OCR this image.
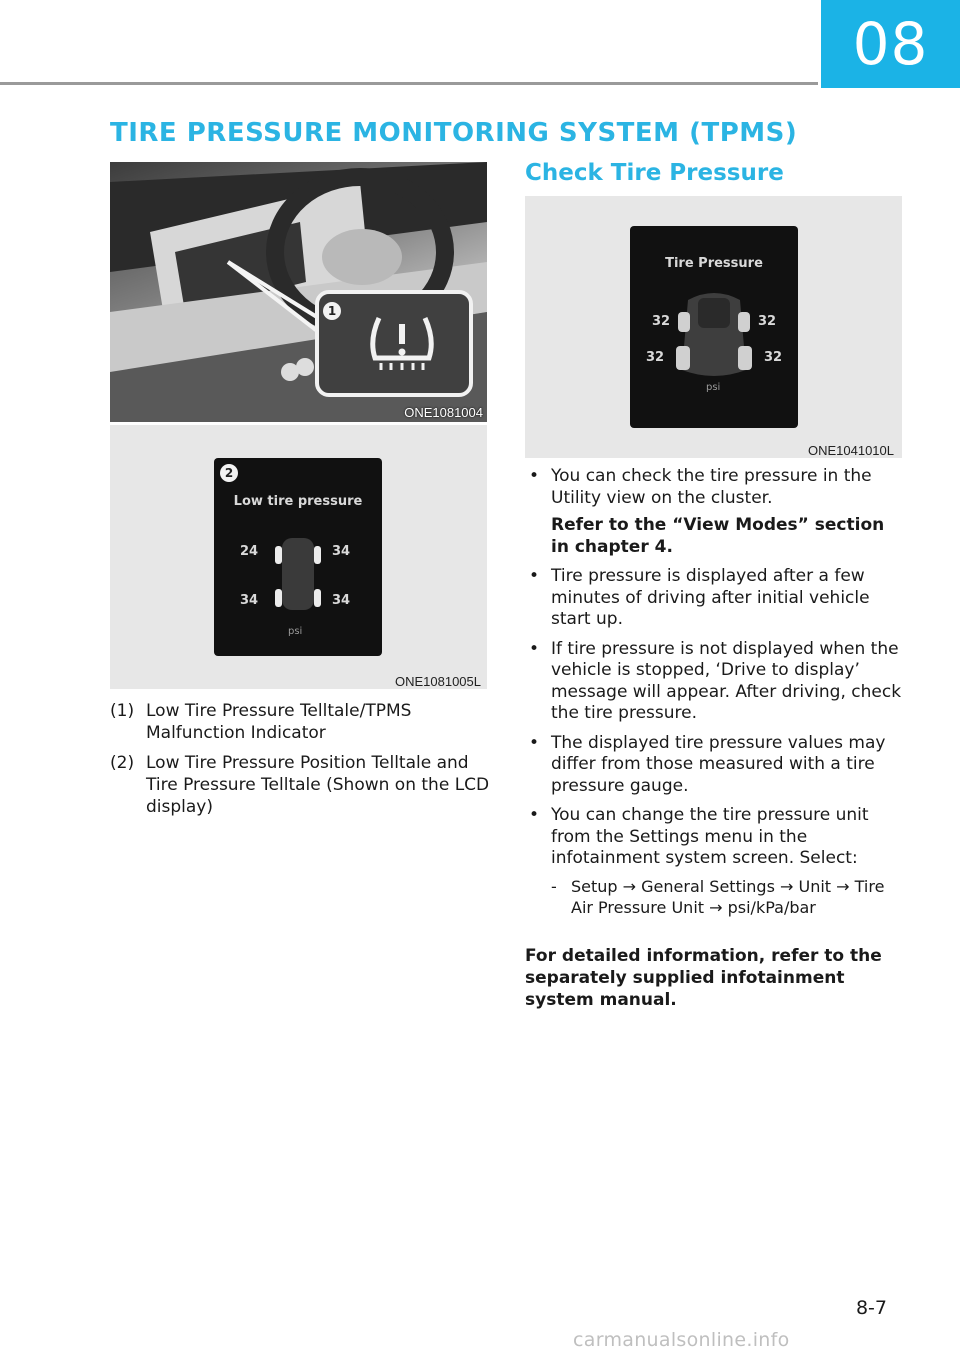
08
TIRE PRESSURE MONITORING SYSTEM (TPMS)
1
ONE1081004
2
Low tire pressure
24	34
34	34
psi
ONE1081005L
(1) Low Tire Pressure Telltale/TPMS Malfunction Indicator
(2) Low Tire Pressure Position Telltale and Tire Pressure Telltale (Shown on the LCD display)
Check Tire Pressure
Tire Pressure
32	32
32	32
psi
ONE1041010L
• You can check the tire pressure in the Utility view on the cluster.

Refer to the “View Modes” section in chapter 4.

• Tire pressure is displayed after a few minutes of driving after initial vehicle start up.

• If tire pressure is not displayed when the vehicle is stopped, ‘Drive to display’ message will appear. After driving, check the tire pressure.

• The displayed tire pressure values may differ from those measured with a tire pressure gauge.

• You can change the tire pressure unit from the Settings menu in the infotainment system screen. Select:

- Setup → General Settings → Unit → Tire Air Pressure Unit → psi/kPa/bar
For detailed information, refer to the separately supplied infotainment system manual.
8-7
carmanualsonline.info
